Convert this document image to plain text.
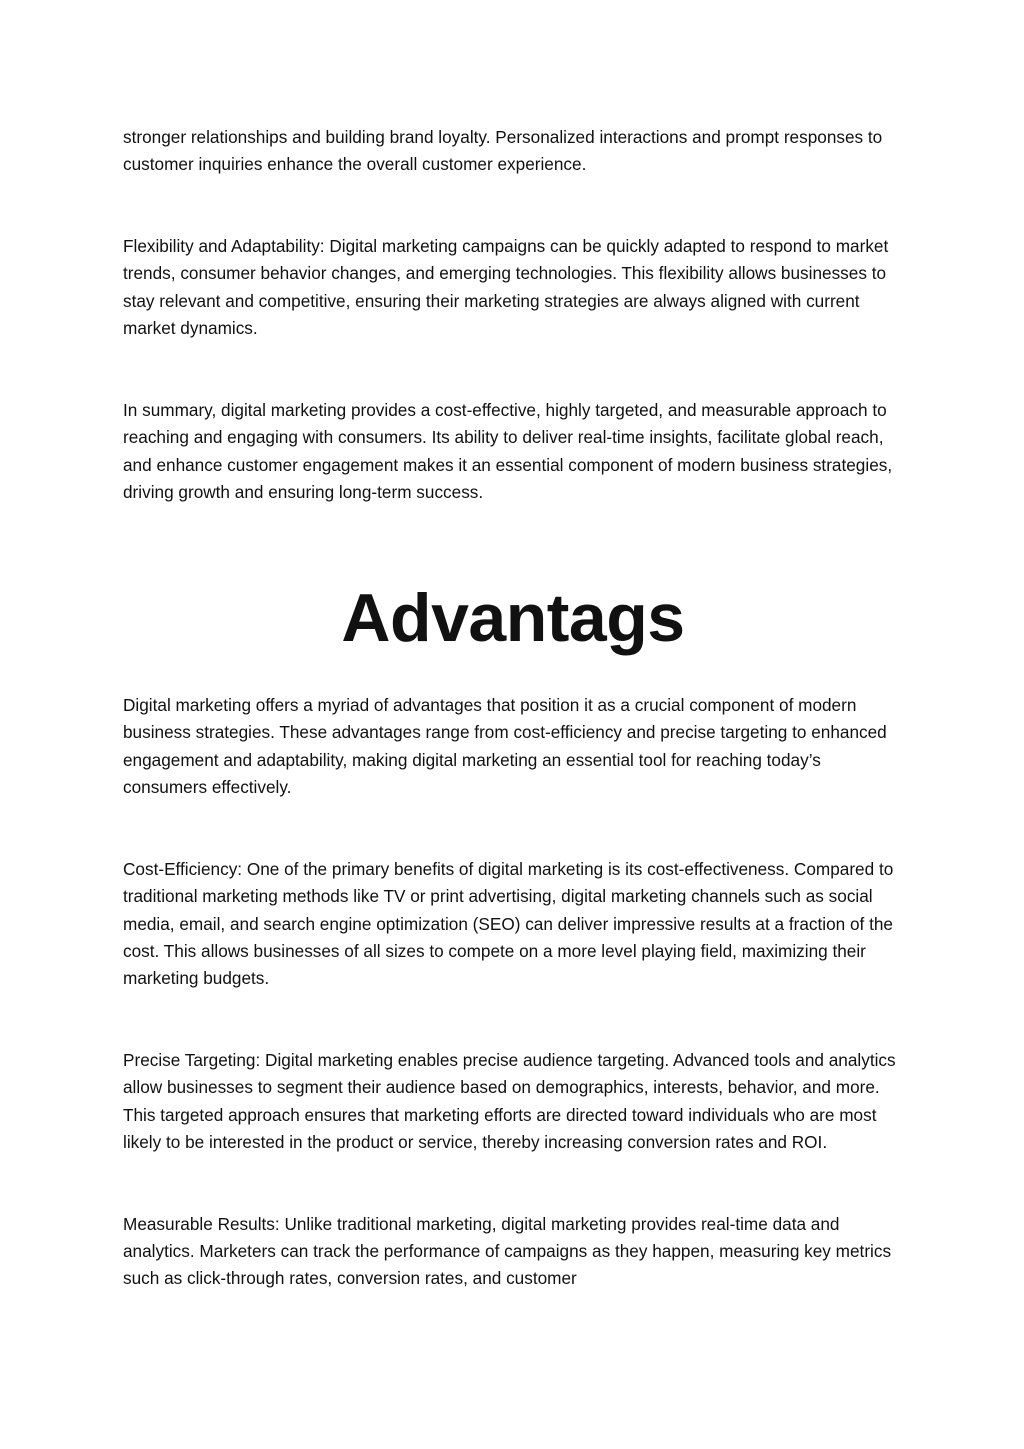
stronger relationships and building brand loyalty. Personalized interactions and prompt responses to customer inquiries enhance the overall customer experience.

Flexibility and Adaptability: Digital marketing campaigns can be quickly adapted to respond to market trends, consumer behavior changes, and emerging technologies. This flexibility allows businesses to stay relevant and competitive, ensuring their marketing strategies are always aligned with current market dynamics.

In summary, digital marketing provides a cost-effective, highly targeted, and measurable approach to reaching and engaging with consumers. Its ability to deliver real-time insights, facilitate global reach, and enhance customer engagement makes it an essential component of modern business strategies, driving growth and ensuring long-term success.

Advantags

Digital marketing offers a myriad of advantages that position it as a crucial component of modern business strategies. These advantages range from cost-efficiency and precise targeting to enhanced engagement and adaptability, making digital marketing an essential tool for reaching today’s consumers effectively.

Cost-Efficiency: One of the primary benefits of digital marketing is its cost-effectiveness. Compared to traditional marketing methods like TV or print advertising, digital marketing channels such as social media, email, and search engine optimization (SEO) can deliver impressive results at a fraction of the cost. This allows businesses of all sizes to compete on a more level playing field, maximizing their marketing budgets.

Precise Targeting: Digital marketing enables precise audience targeting. Advanced tools and analytics allow businesses to segment their audience based on demographics, interests, behavior, and more. This targeted approach ensures that marketing efforts are directed toward individuals who are most likely to be interested in the product or service, thereby increasing conversion rates and ROI.

Measurable Results: Unlike traditional marketing, digital marketing provides real-time data and analytics. Marketers can track the performance of campaigns as they happen, measuring key metrics such as click-through rates, conversion rates, and customer
